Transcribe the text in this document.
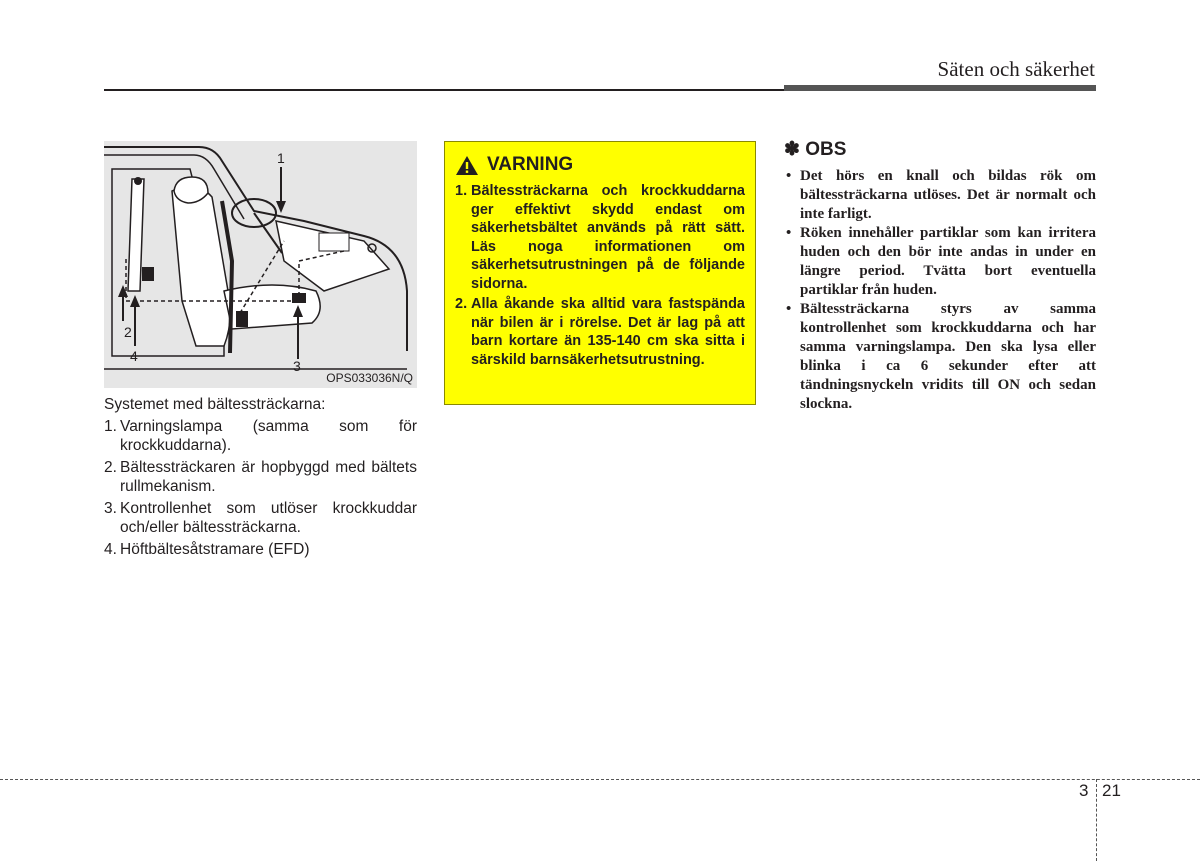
Säten och säkerhet
1
2
4
3
OPS033036N/Q

Systemet med bältessträckarna:

1. Varningslampa (samma som för krockkuddarna).
2. Bältessträckaren är hopbyggd med bältets rullmekanism.
3. Kontrollenhet som utlöser krockkuddar och/eller bältessträckarna.
4. Höftbältesåtstramare (EFD)
VARNING
1. Bältessträckarna och krockkuddarna ger effektivt skydd endast om säkerhetsbältet används på rätt sätt. Läs noga informationen om säkerhetsutrustningen på de följande sidorna.
2. Alla åkande ska alltid vara fastspända när bilen är i rörelse. Det är lag på att barn kortare än 135-140 cm ska sitta i särskild barnsäkerhetsutrustning.
✽ OBS
• Det hörs en knall och bildas rök om bältessträckarna utlöses. Det är normalt och inte farligt.
• Röken innehåller partiklar som kan irritera huden och den bör inte andas in under en längre period. Tvätta bort eventuella partiklar från huden.
• Bältessträckarna styrs av samma kontrollenhet som krockkuddarna och har samma varningslampa. Den ska lysa eller blinka i ca 6 sekunder efter att tändningsnyckeln vridits till ON och sedan slockna.
3 21
